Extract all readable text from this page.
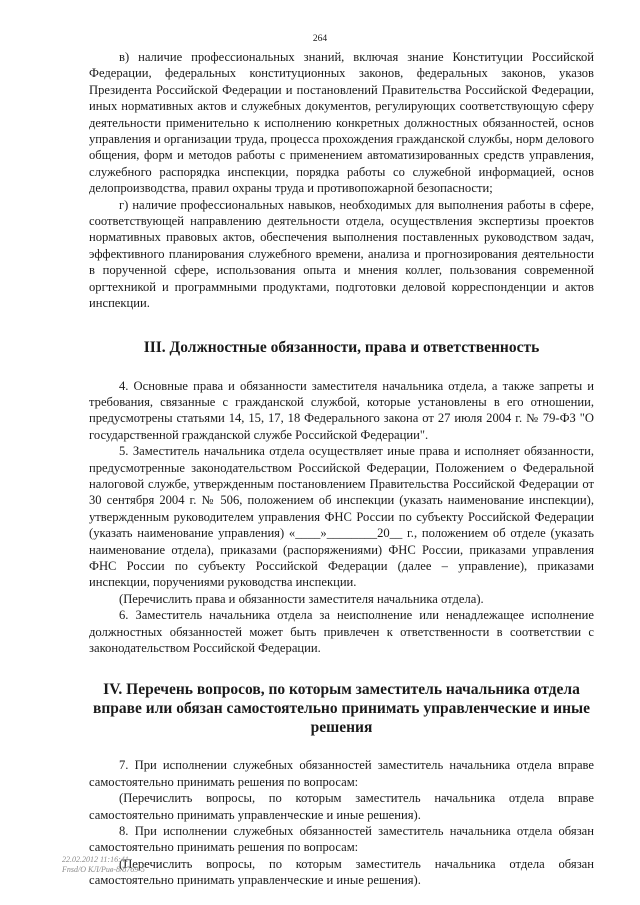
264

в) наличие профессиональных знаний, включая знание Конституции Российской Федерации, федеральных конституционных законов, федеральных законов, указов Президента Российской Федерации и постановлений Правительства Российской Федерации, иных нормативных актов и служебных документов, регулирующих соответствующую сферу деятельности применительно к исполнению конкретных должностных обязанностей, основ управления и организации труда, процесса прохождения гражданской службы, норм делового общения, форм и методов работы с применением автоматизированных средств управления, служебного распорядка инспекции, порядка работы со служебной информацией, основ делопроизводства, правил охраны труда и противопожарной безопасности;

г) наличие профессиональных навыков, необходимых для выполнения работы в сфере, соответствующей направлению деятельности отдела, осуществления экспертизы проектов нормативных правовых актов, обеспечения выполнения поставленных руководством задач, эффективного планирования служебного времени, анализа и прогнозирования деятельности в порученной сфере, использования опыта и мнения коллег, пользования современной оргтехникой и программными продуктами, подготовки деловой корреспонденции и актов инспекции.

III. Должностные обязанности, права и ответственность

4. Основные права и обязанности заместителя начальника отдела, а также запреты и требования, связанные с гражданской службой, которые установлены в его отношении, предусмотрены статьями 14, 15, 17, 18 Федерального закона от 27 июля 2004 г. № 79-ФЗ "О государственной гражданской службе Российской Федерации".

5. Заместитель начальника отдела осуществляет иные права и исполняет обязанности, предусмотренные законодательством Российской Федерации, Положением о Федеральной налоговой службе, утвержденным постановлением Правительства Российской Федерации от 30 сентября 2004 г. № 506, положением об инспекции (указать наименование инспекции), утвержденным руководителем управления ФНС России по субъекту Российской Федерации (указать наименование управления) «____»________20__ г., положением об отделе (указать наименование отдела), приказами (распоряжениями) ФНС России, приказами управления ФНС России по субъекту Российской Федерации (далее – управление), приказами инспекции, поручениями руководства инспекции.

(Перечислить права и обязанности заместителя начальника отдела).

6. Заместитель начальника отдела за неисполнение или ненадлежащее исполнение должностных обязанностей может быть привлечен к ответственности в соответствии с законодательством Российской Федерации.

IV. Перечень вопросов, по которым заместитель начальника отдела вправе или обязан самостоятельно принимать управленческие и иные решения

7. При исполнении служебных обязанностей заместитель начальника отдела вправе самостоятельно принимать решения по вопросам:

(Перечислить вопросы, по которым заместитель начальника отдела вправе самостоятельно принимать управленческие и иные решения).

8. При исполнении служебных обязанностей заместитель начальника отдела обязан самостоятельно принимать решения по вопросам:

(Перечислить вопросы, по которым заместитель начальника отдела обязан самостоятельно принимать управленческие и иные решения).

22.02.2012 11:16:41
Fnsd/O КЛ/Рив-8/8769-5
